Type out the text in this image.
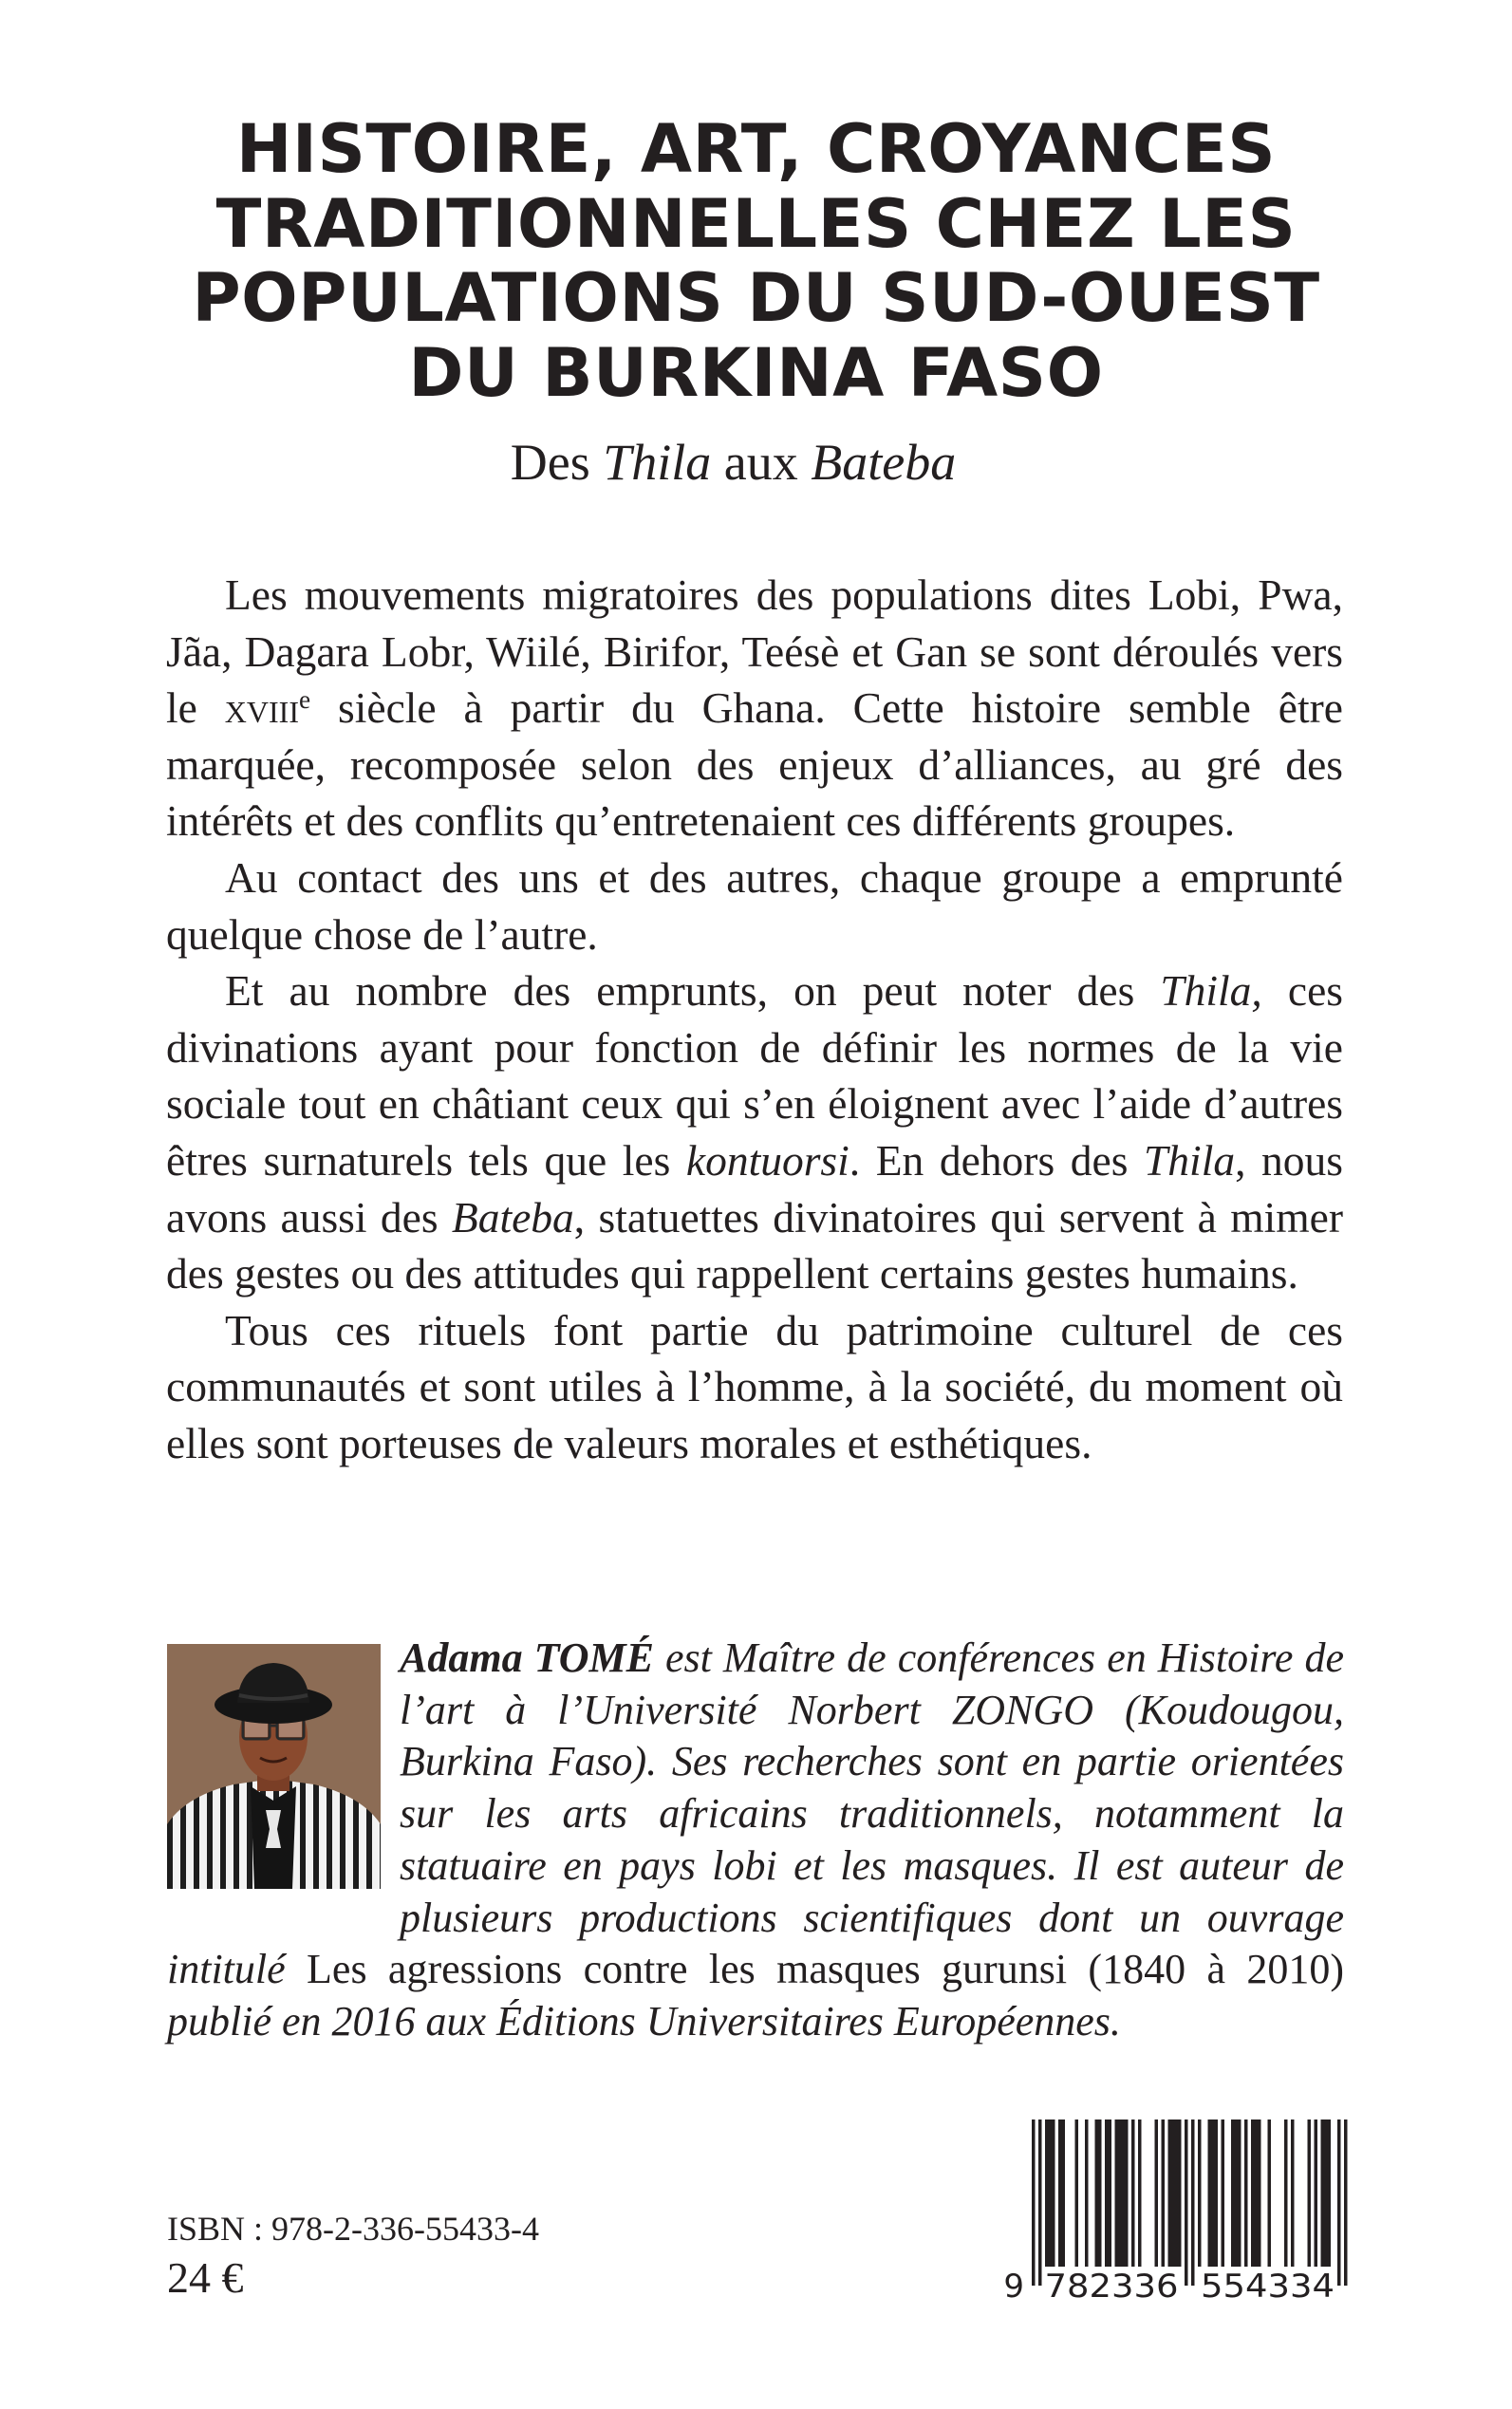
HISTOIRE, ART, CROYANCES
TRADITIONNELLES CHEZ LES
POPULATIONS DU SUD-OUEST
DU BURKINA FASO
Des Thila aux Bateba

Les mouvements migratoires des populations dites Lobi, Pwa, Jãa, Dagara Lobr, Wiilé, Birifor, Teésè et Gan se sont déroulés vers le xviii$^e$ siècle à partir du Ghana. Cette histoire semble être marquée, recomposée selon des enjeux d’alliances, au gré des intérêts et des conflits qu’entretenaient ces différents groupes.

Au contact des uns et des autres, chaque groupe a emprunté quelque chose de l’autre.

Et au nombre des emprunts, on peut noter des Thila, ces divinations ayant pour fonction de définir les normes de la vie sociale tout en châtiant ceux qui s’en éloignent avec l’aide d’autres êtres surnaturels tels que les kontuorsi. En dehors des Thila, nous avons aussi des Bateba, statuettes divinatoires qui servent à mimer des gestes ou des attitudes qui rappellent certains gestes humains.

Tous ces rituels font partie du patrimoine culturel de ces communautés et sont utiles à l’homme, à la société, du moment où elles sont porteuses de valeurs morales et esthétiques.

Adama TOMÉ est Maître de conférences en Histoire de l’art à l’Université Norbert ZONGO (Koudougou, Burkina Faso). Ses recherches sont en partie orientées sur les arts africains traditionnels, notamment la statuaire en pays lobi et les masques. Il est auteur de plusieurs productions scientifiques dont un ouvrage intitulé Les agressions contre les masques gurunsi (1840 à 2010) publié en 2016 aux Éditions Universitaires Européennes.
ISBN : 978-2-336-55433-4
24 €	9 782336 554334
